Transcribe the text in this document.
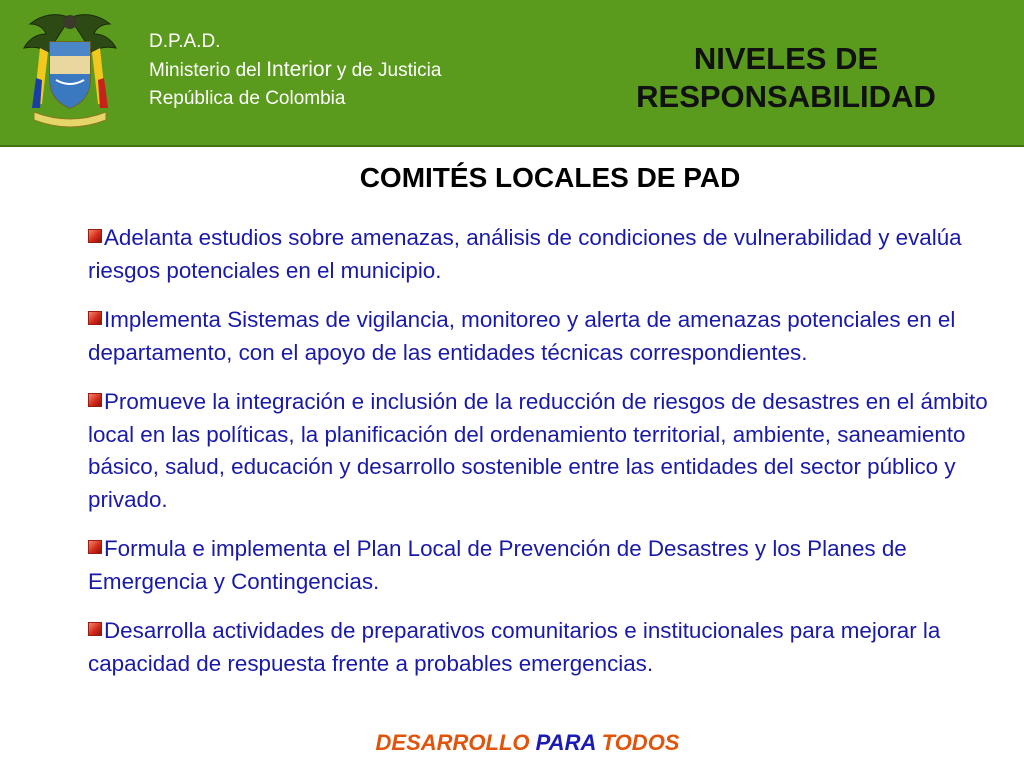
D.P.A.D.
Ministerio del Interior y de Justicia
República de Colombia
NIVELES DE
RESPONSABILIDAD
COMITÉS LOCALES DE PAD
Adelanta estudios sobre amenazas, análisis de condiciones de vulnerabilidad y evalúa riesgos potenciales en el municipio.
Implementa Sistemas de vigilancia, monitoreo y alerta de amenazas potenciales en el departamento, con el apoyo de las entidades técnicas correspondientes.
Promueve la integración e inclusión de la reducción de riesgos de desastres en el ámbito local en las políticas, la planificación del ordenamiento territorial, ambiente, saneamiento básico, salud, educación y desarrollo sostenible entre las entidades del sector público y privado.
Formula e implementa el Plan Local de Prevención de Desastres y los Planes de Emergencia y Contingencias.
Desarrolla actividades de preparativos comunitarios e institucionales para mejorar la capacidad de respuesta frente a probables emergencias.
DESARROLLO PARA TODOS
